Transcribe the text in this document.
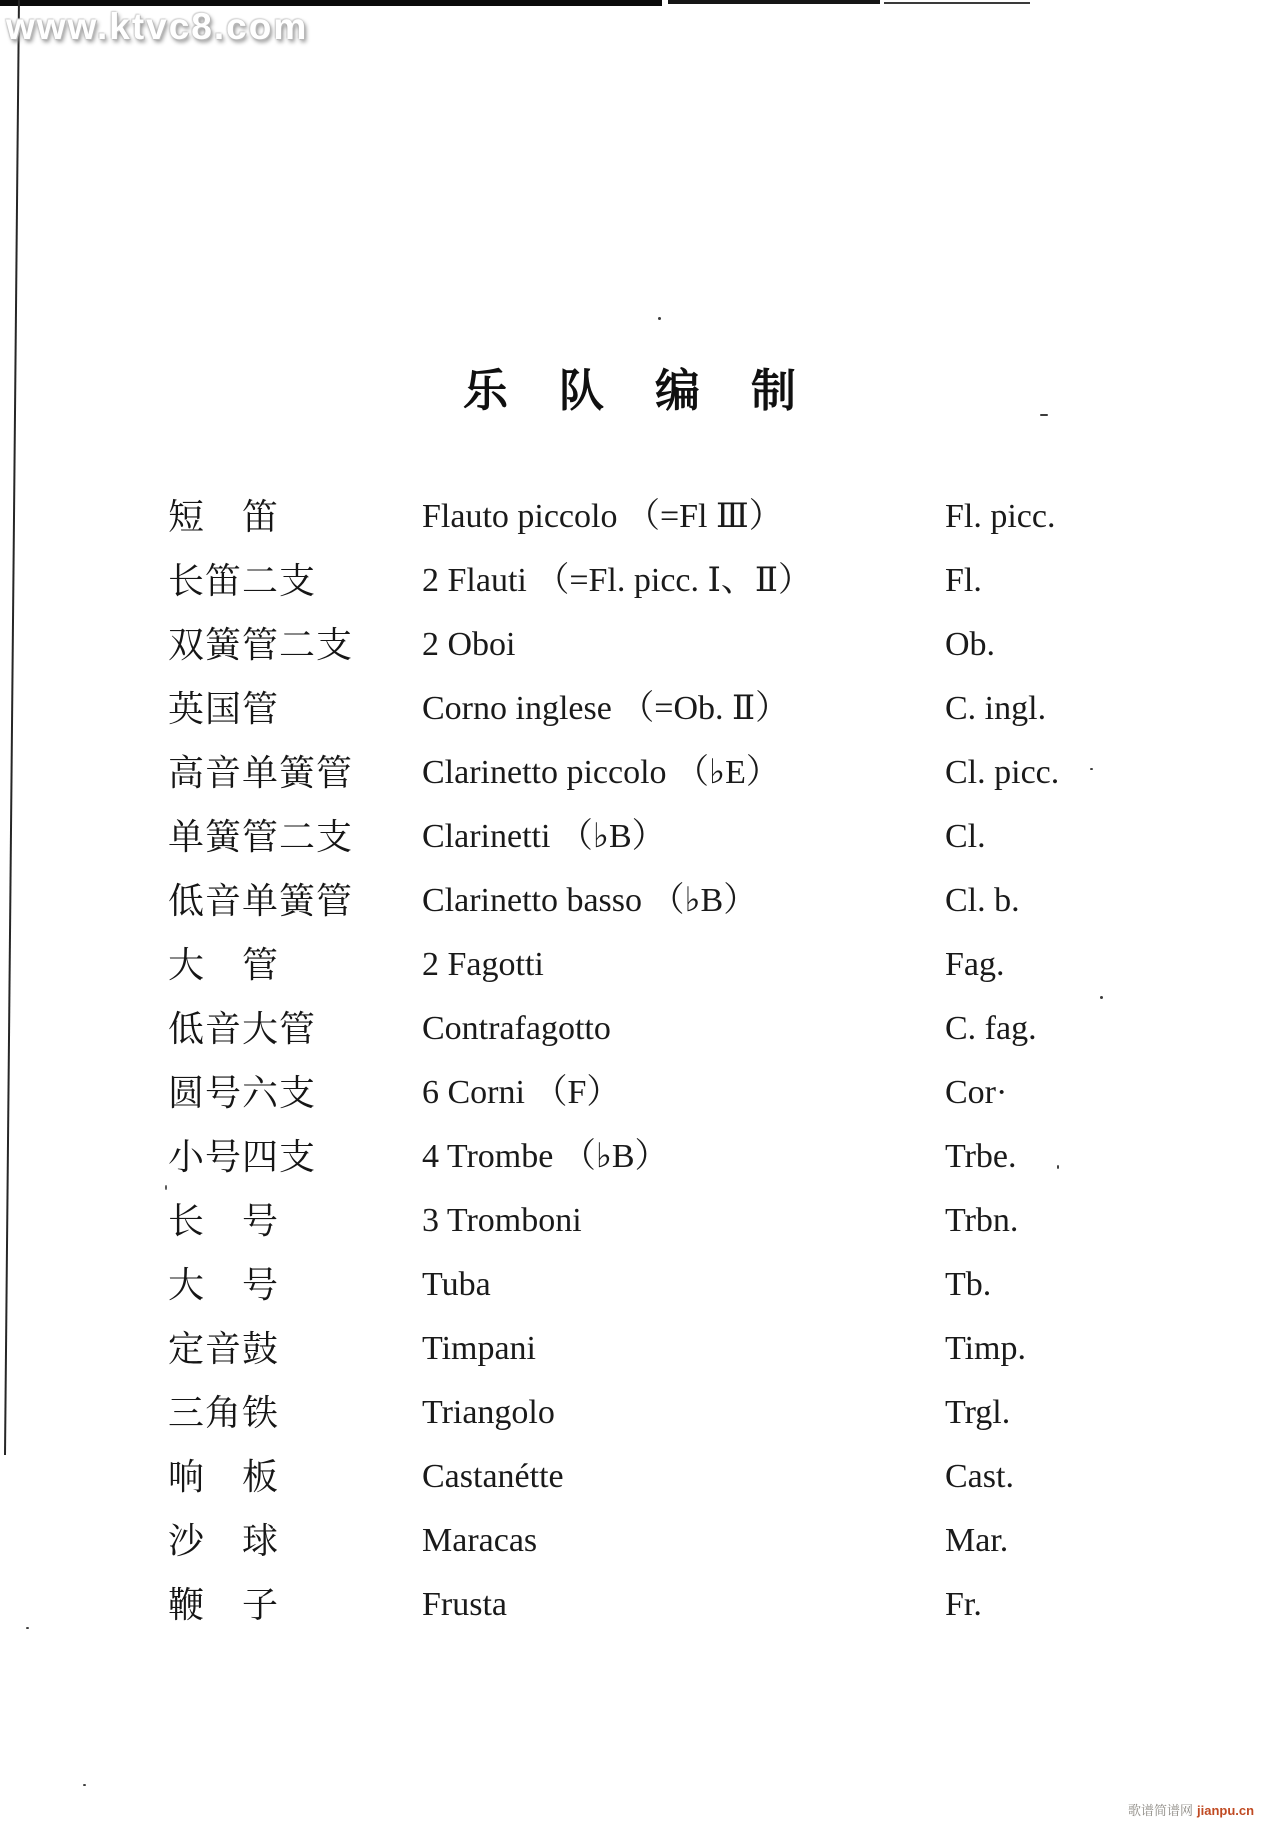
www.ktvc8.com
乐队编制
短　笛	Flauto piccolo （=Fl Ⅲ）	Fl. picc.
长笛二支	2 Flauti （=Fl. picc. Ⅰ、Ⅱ）	Fl.
双簧管二支 2 Oboi	Ob.
英国管	Corno inglese （=Ob. Ⅱ）	C. ingl.
高音单簧管 Clarinetto piccolo （♭E）	Cl. picc.
单簧管二支 Clarinetti （♭B）	Cl.
低音单簧管 Clarinetto basso （♭B）	Cl. b.
大　管	2 Fagotti	Fag.
低音大管	Contrafagotto	C. fag.
圆号六支	6 Corni （F）	Cor·
小号四支	4 Trombe （♭B）	Trbe.
长　号	3 Tromboni	Trbn.
大　号	Tuba	Tb.
定音鼓	Timpani	Timp.
三角铁	Triangolo	Trgl.
响　板	Castanétte	Cast.
沙　球	Maracas	Mar.
鞭　子	Frusta	Fr.
歌谱简谱网 jianpu.cn
